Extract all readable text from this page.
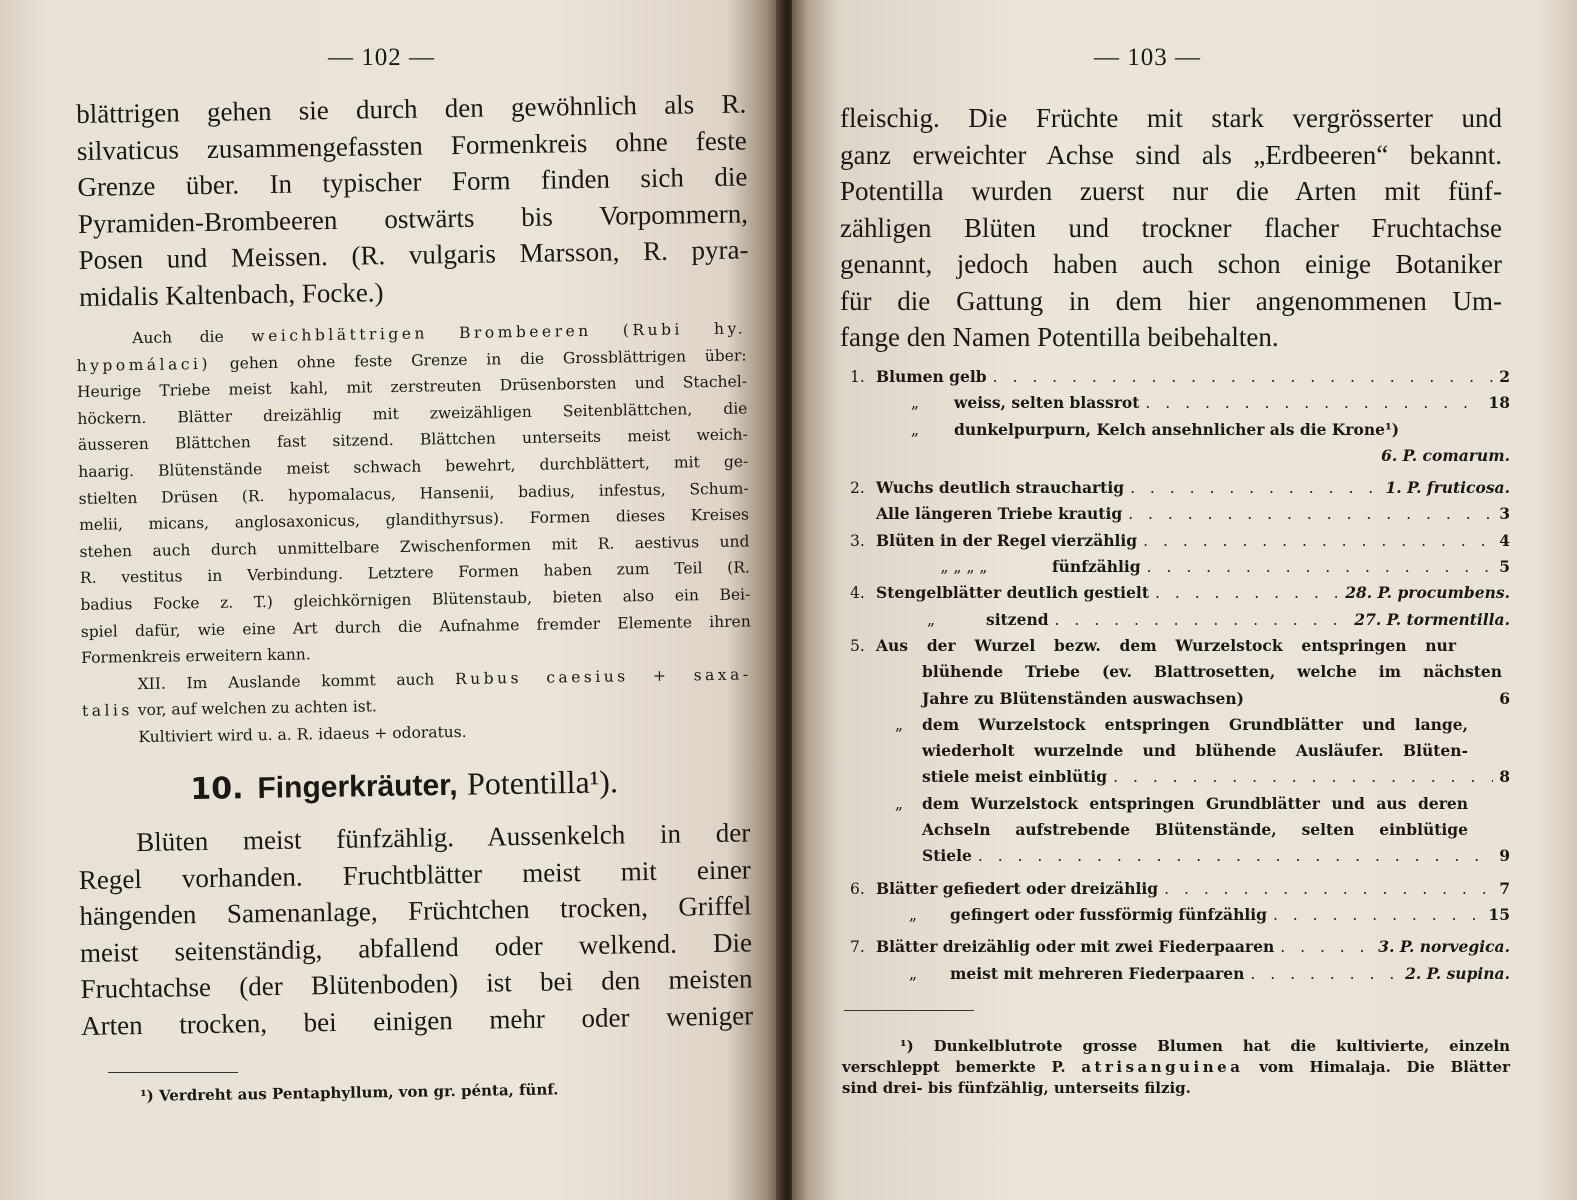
— 102 —
blättrigen gehen sie durch den gewöhnlich als R.
silvaticus zusammengefassten Formenkreis ohne feste
Grenze über. In typischer Form finden sich die
Pyramiden-Brombeeren ostwärts bis Vorpommern,
Posen und Meissen. (R. vulgaris Marsson, R. pyra-
midalis Kaltenbach, Focke.)
Auch die weichblättrigen Brombeeren (Rubi hy.
hypomálaci) gehen ohne feste Grenze in die Grossblättrigen über:
Heurige Triebe meist kahl, mit zerstreuten Drüsenborsten und Stachel-
höckern. Blätter dreizählig mit zweizähligen Seitenblättchen, die
äusseren Blättchen fast sitzend. Blättchen unterseits meist weich-
haarig. Blütenstände meist schwach bewehrt, durchblättert, mit ge-
stielten Drüsen (R. hypomalacus, Hansenii, badius, infestus, Schum-
melii, micans, anglosaxonicus, glandithyrsus). Formen dieses Kreises
stehen auch durch unmittelbare Zwischenformen mit R. aestivus und
R. vestitus in Verbindung. Letztere Formen haben zum Teil (R.
badius Focke z. T.) gleichkörnigen Blütenstaub, bieten also ein Bei-
spiel dafür, wie eine Art durch die Aufnahme fremder Elemente ihren
Formenkreis erweitern kann.
XII. Im Auslande kommt auch Rubus caesius + saxa-
talis vor, auf welchen zu achten ist.
Kultiviert wird u. a. R. idaeus + odoratus.
10. Fingerkräuter, Potentilla¹).
Blüten meist fünfzählig. Aussenkelch in der
Regel vorhanden. Fruchtblätter meist mit einer
hängenden Samenanlage, Früchtchen trocken, Griffel
meist seitenständig, abfallend oder welkend. Die
Fruchtachse (der Blütenboden) ist bei den meisten
Arten trocken, bei einigen mehr oder weniger
¹) Verdreht aus Pentaphyllum, von gr. pénta, fünf.
— 103 —
fleischig. Die Früchte mit stark vergrösserter und
ganz erweichter Achse sind als „Erdbeeren“ bekannt.
Potentilla wurden zuerst nur die Arten mit fünf-
zähligen Blüten und trockner flacher Fruchtachse
genannt, jedoch haben auch schon einige Botaniker
für die Gattung in dem hier angenommenen Um-
fange den Namen Potentilla beibehalten.
1. Blumen gelb . . .	2
„	weiss, selten blassrot . . .	18
„	dunkelpurpurn, Kelch ansehnlicher als die Krone¹)
6. P. comarum.
2. Wuchs deutlich strauchartig . . .	1. P. fruticosa.
Alle längeren Triebe krautig . . .	3
3. Blüten in der Regel vierzählig . . .	4
„ „ „ „	fünfzählig . . .	5
4. Stengelblätter deutlich gestielt . . .	28. P. procumbens.
„	sitzend . . .	27. P. tormentilla.
5. Aus der Wurzel bezw. dem Wurzelstock entspringen nur
blühende Triebe (ev. Blattrosetten, welche im nächsten
Jahre zu Blütenständen auswachsen)	6
„	dem Wurzelstock entspringen Grundblätter und lange,
wiederholt wurzelnde und blühende Ausläufer. Blüten-
stiele meist einblütig . . .	8
„	dem Wurzelstock entspringen Grundblätter und aus deren
Achseln aufstrebende Blütenstände, selten einblütige
Stiele . . .	9
6. Blätter gefiedert oder dreizählig . . .	7
„	gefingert oder fussförmig fünfzählig . . .	15
7. Blätter dreizählig oder mit zwei Fiederpaaren . . .	3. P. norvegica.
„	meist mit mehreren Fiederpaaren . . .	2. P. supina.
¹) Dunkelblutrote grosse Blumen hat die kultivierte, einzeln
verschleppt bemerkte P. atrisanguinea vom Himalaja. Die Blätter
sind drei- bis fünfzählig, unterseits filzig.
